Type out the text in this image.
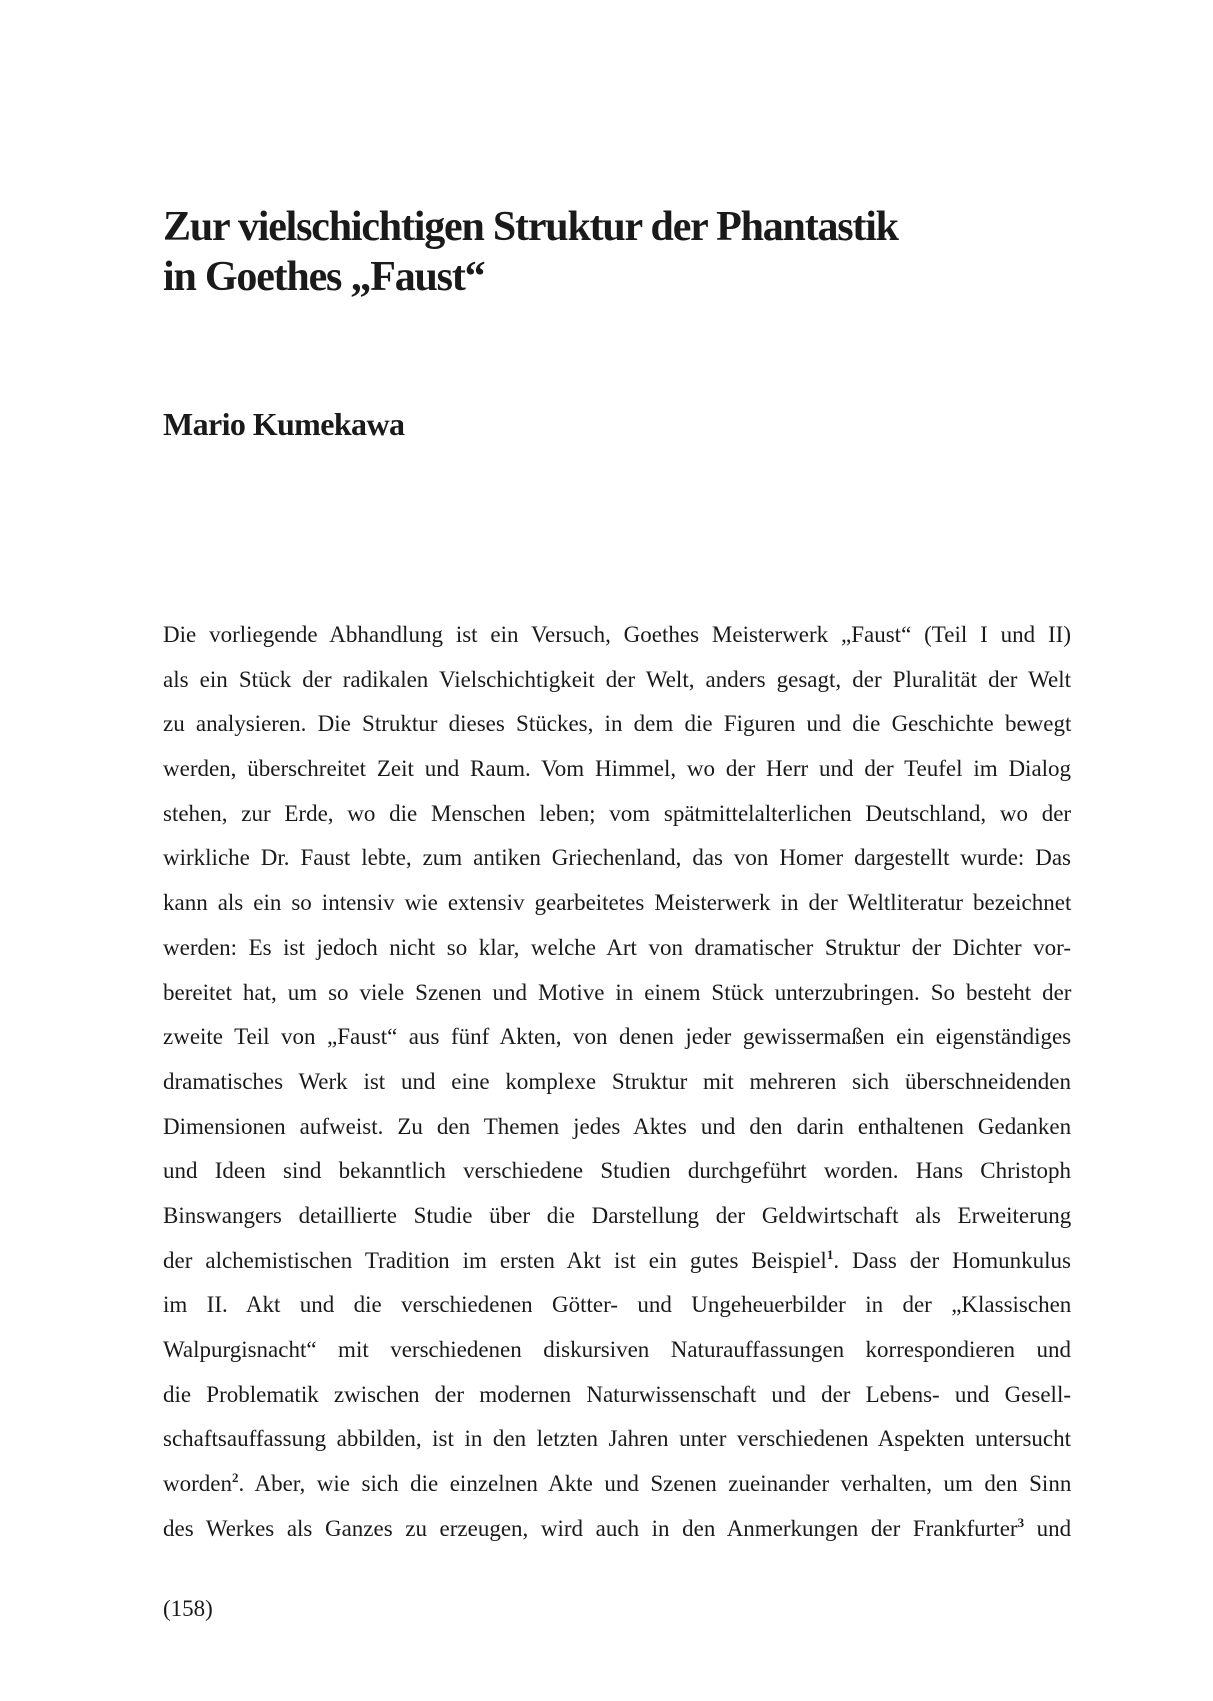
Zur vielschichtigen Struktur der Phantastik
in Goethes „Faust“
Mario Kumekawa
Die vorliegende Abhandlung ist ein Versuch, Goethes Meisterwerk „Faust“ (Teil I und II)
als ein Stück der radikalen Vielschichtigkeit der Welt, anders gesagt, der Pluralität der Welt
zu analysieren. Die Struktur dieses Stückes, in dem die Figuren und die Geschichte bewegt
werden, überschreitet Zeit und Raum. Vom Himmel, wo der Herr und der Teufel im Dialog
stehen, zur Erde, wo die Menschen leben; vom spätmittelalterlichen Deutschland, wo der
wirkliche Dr. Faust lebte, zum antiken Griechenland, das von Homer dargestellt wurde: Das
kann als ein so intensiv wie extensiv gearbeitetes Meisterwerk in der Weltliteratur bezeichnet
werden: Es ist jedoch nicht so klar, welche Art von dramatischer Struktur der Dichter vor-
bereitet hat, um so viele Szenen und Motive in einem Stück unterzubringen. So besteht der
zweite Teil von „Faust“ aus fünf Akten, von denen jeder gewissermaßen ein eigenständiges
dramatisches Werk ist und eine komplexe Struktur mit mehreren sich überschneidenden
Dimensionen aufweist. Zu den Themen jedes Aktes und den darin enthaltenen Gedanken
und Ideen sind bekanntlich verschiedene Studien durchgeführt worden. Hans Christoph
Binswangers detaillierte Studie über die Darstellung der Geldwirtschaft als Erweiterung
der alchemistischen Tradition im ersten Akt ist ein gutes Beispiel$^1$. Dass der Homunkulus
im II. Akt und die verschiedenen Götter- und Ungeheuerbilder in der „Klassischen
Walpurgisnacht“ mit verschiedenen diskursiven Naturauffassungen korrespondieren und
die Problematik zwischen der modernen Naturwissenschaft und der Lebens- und Gesell-
schaftsauffassung abbilden, ist in den letzten Jahren unter verschiedenen Aspekten untersucht
worden$^2$. Aber, wie sich die einzelnen Akte und Szenen zueinander verhalten, um den Sinn
des Werkes als Ganzes zu erzeugen, wird auch in den Anmerkungen der Frankfurter$^3$ und
(158)
